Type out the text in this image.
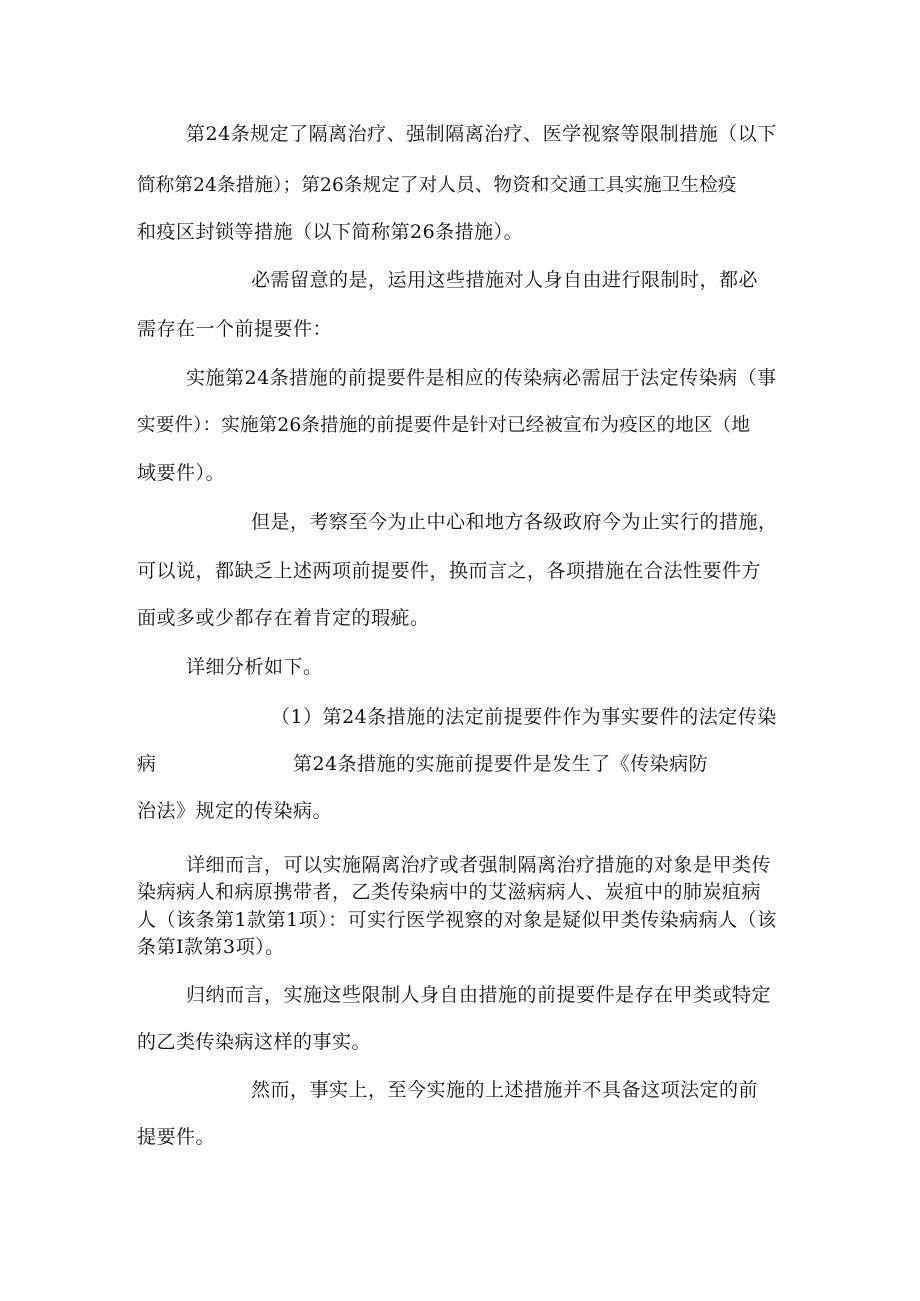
第24条规定了隔离治疗、强制隔离治疗、医学视察等限制措施（以下
简称第24条措施）；第26条规定了对人员、物资和交通工具实施卫生检疫
和疫区封锁等措施（以下简称第26条措施）。
必需留意的是，运用这些措施对人身自由进行限制时，都必
需存在一个前提要件：
实施第24条措施的前提要件是相应的传染病必需屈于法定传染病（事
实要件）：实施第26条措施的前提要件是针对已经被宣布为疫区的地区（地
域要件）。
但是，考察至今为止中心和地方各级政府今为止实行的措施，
可以说，都缺乏上述两项前提要件，换而言之，各项措施在合法性要件方
面或多或少都存在着肯定的瑕疵。
详细分析如下。
（1）第24条措施的法定前提要件作为事实要件的法定传染
病	第24条措施的实施前提要件是发生了《传染病防
治法》规定的传染病。
详细而言，可以实施隔离治疗或者强制隔离治疗措施的对象是甲类传
染病病人和病原携带者，乙类传染病中的艾滋病病人、炭疽中的肺炭疽病
人（该条第1款第1项）：可实行医学视察的对象是疑似甲类传染病病人（该
条第I款第3项）。
归纳而言，实施这些限制人身自由措施的前提要件是存在甲类或特定
的乙类传染病这样的事实。
然而，事实上，至今实施的上述措施并不具备这项法定的前
提要件。
